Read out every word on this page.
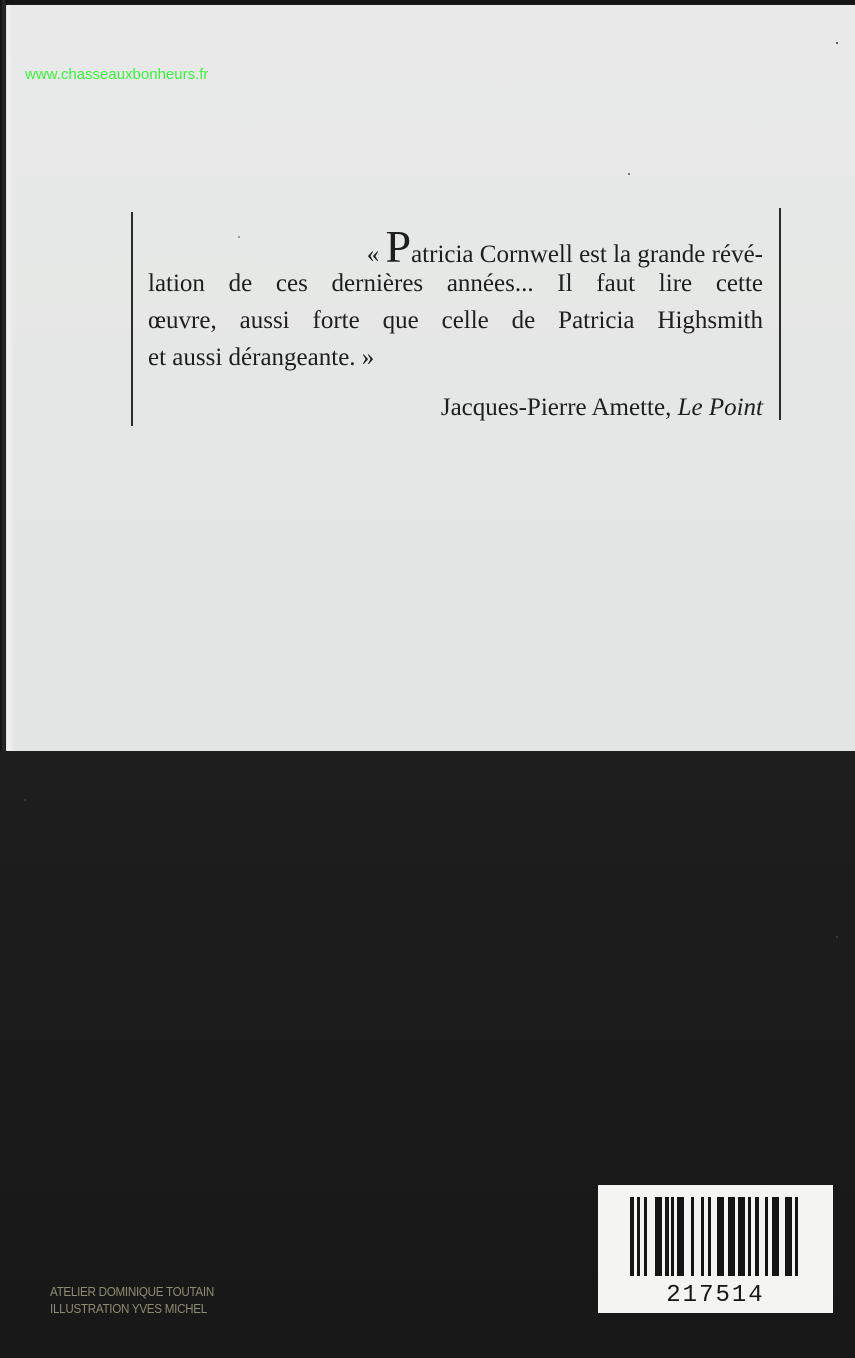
www.chasseauxbonheurs.fr
« Patricia Cornwell est la grande révé-
lation de ces dernières années... Il faut lire cette
œuvre, aussi forte que celle de Patricia Highsmith
et aussi dérangeante. »
Jacques-Pierre Amette, Le Point
ATELIER DOMINIQUE TOUTAIN
ILLUSTRATION YVES MICHEL	217514
